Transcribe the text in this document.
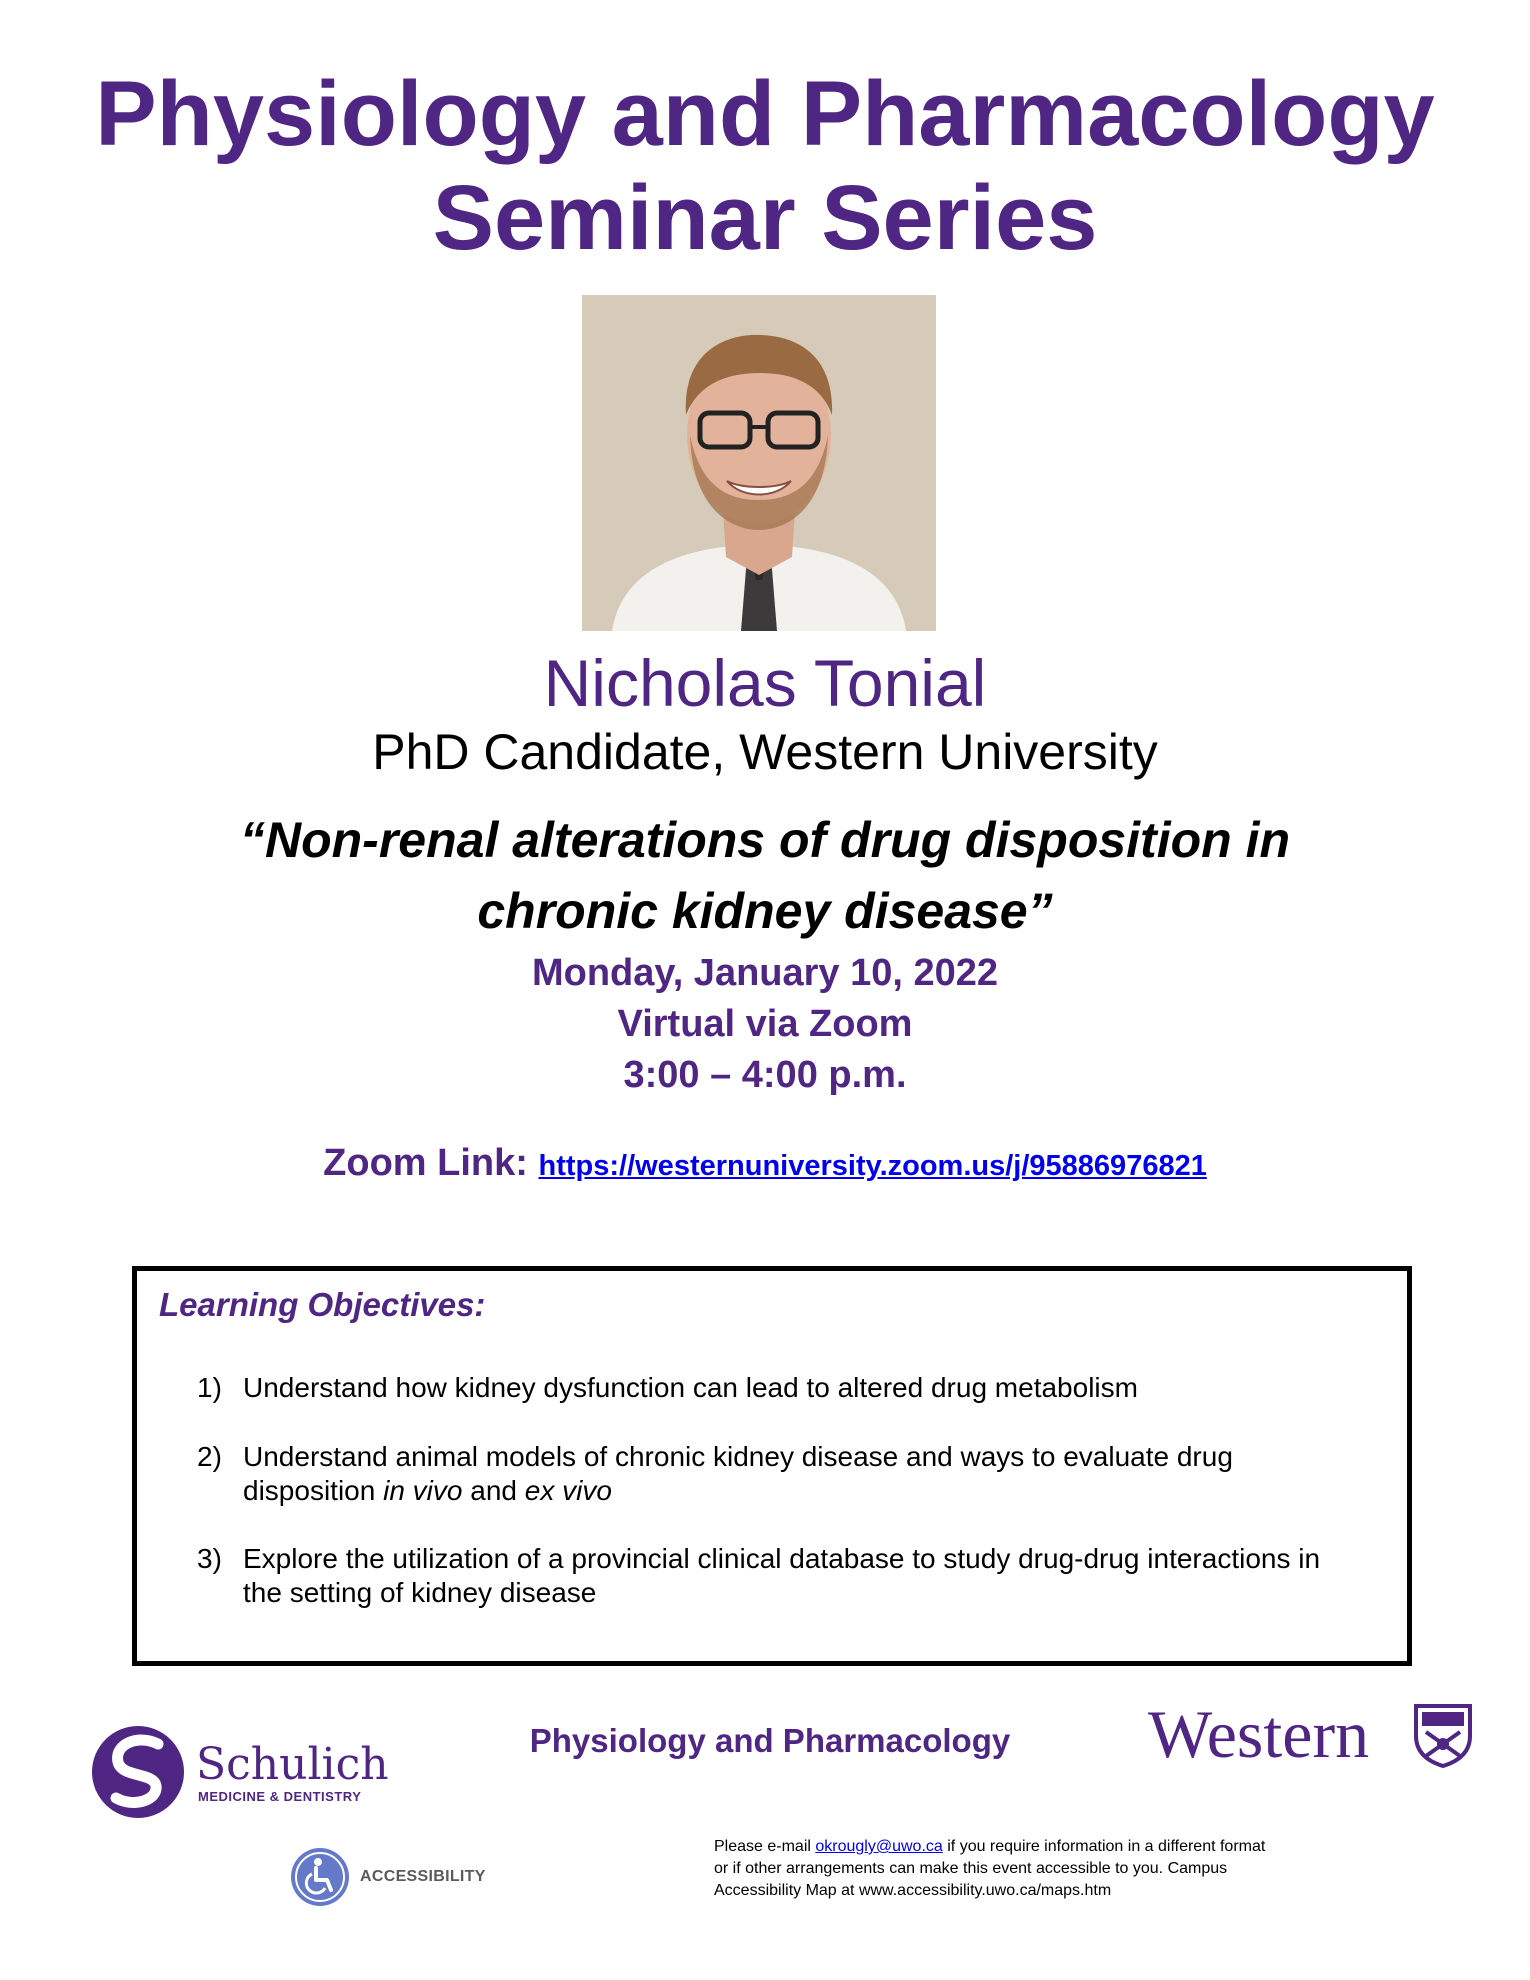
Physiology and Pharmacology
Seminar Series
Nicholas Tonial
PhD Candidate, Western University
“Non-renal alterations of drug disposition in
chronic kidney disease”
Monday, January 10, 2022
Virtual via Zoom
3:00 – 4:00 p.m.
Zoom Link: https://westernuniversity.zoom.us/j/95886976821
Learning Objectives:
1) Understand how kidney dysfunction can lead to altered drug metabolism
2) Understand animal models of chronic kidney disease and ways to evaluate drug
disposition in vivo and ex vivo
3) Explore the utilization of a provincial clinical database to study drug-drug interactions in
the setting of kidney disease
Schulich
MEDICINE & DENTISTRY
Physiology and Pharmacology	Western
ACCESSIBILITY
Please e-mail okrougly@uwo.ca if you require information in a different format
or if other arrangements can make this event accessible to you. Campus
Accessibility Map at www.accessibility.uwo.ca/maps.htm
